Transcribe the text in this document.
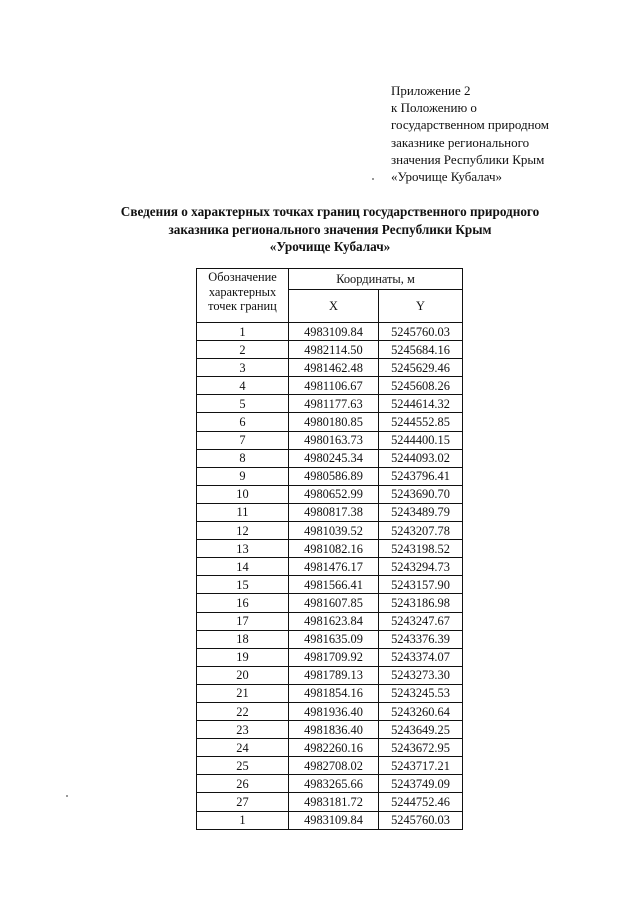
Приложение 2
к Положению о
государственном природном
заказнике регионального
значения Республики Крым
«Урочище Кубалач»
Сведения о характерных точках границ государственного природного
заказника регионального значения Республики Крым
«Урочище Кубалач»
Обозначение характерных точек границ	Координаты, м	
	X	Y
1	4983109.84	5245760.03
2	4982114.50	5245684.16
3	4981462.48	5245629.46
4	4981106.67	5245608.26
5	4981177.63	5244614.32
6	4980180.85	5244552.85
7	4980163.73	5244400.15
8	4980245.34	5244093.02
9	4980586.89	5243796.41
10	4980652.99	5243690.70
11	4980817.38	5243489.79
12	4981039.52	5243207.78
13	4981082.16	5243198.52
14	4981476.17	5243294.73
15	4981566.41	5243157.90
16	4981607.85	5243186.98
17	4981623.84	5243247.67
18	4981635.09	5243376.39
19	4981709.92	5243374.07
20	4981789.13	5243273.30
21	4981854.16	5243245.53
22	4981936.40	5243260.64
23	4981836.40	5243649.25
24	4982260.16	5243672.95
25	4982708.02	5243717.21
26	4983265.66	5243749.09
27	4983181.72	5244752.46
1	4983109.84	5245760.03
